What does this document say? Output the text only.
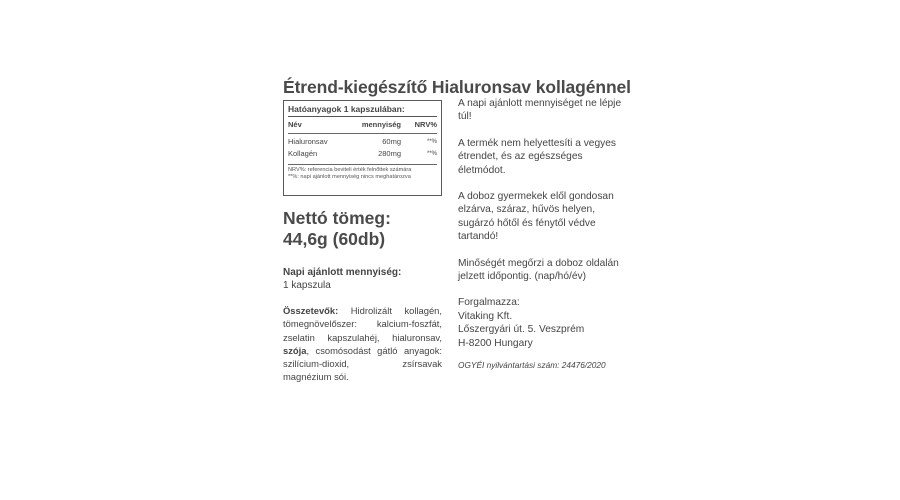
Étrend-kiegészítő Hialuronsav kollagénnel
Hatóanyagok 1 kapszulában:
Név	mennyiség	NRV%
Hialuronsav	60mg	**%
Kollagén	280mg	**%
NRV%: referencia beviteli érték felnőttek számára
**%: napi ajánlott mennyiség nincs meghatározva
Nettó tömeg:
44,6g (60db)
Napi ajánlott mennyiség:
1 kapszula
Összetevők: Hidrolizált kollagén, tömegnövelőszer: kalcium-foszfát, zselatin kapszulahéj, hialuronsav, szója, csomósodást gátló anyagok: szilícium-dioxid, zsírsavak magnézium sói.

A napi ajánlott mennyiséget ne lépje túl!

A termék nem helyettesíti a vegyes étrendet, és az egészséges életmódot.

A doboz gyermekek elől gondosan elzárva, száraz, hűvös helyen, sugárzó hőtől és fénytől védve tartandó!

Minőségét megőrzi a doboz oldalán jelzett időpontig. (nap/hó/év)

Forgalmazza:
Vitaking Kft.
Lőszergyári út. 5. Veszprém
H-8200 Hungary

OGYÉI nyilvántartási szám: 24476/2020
